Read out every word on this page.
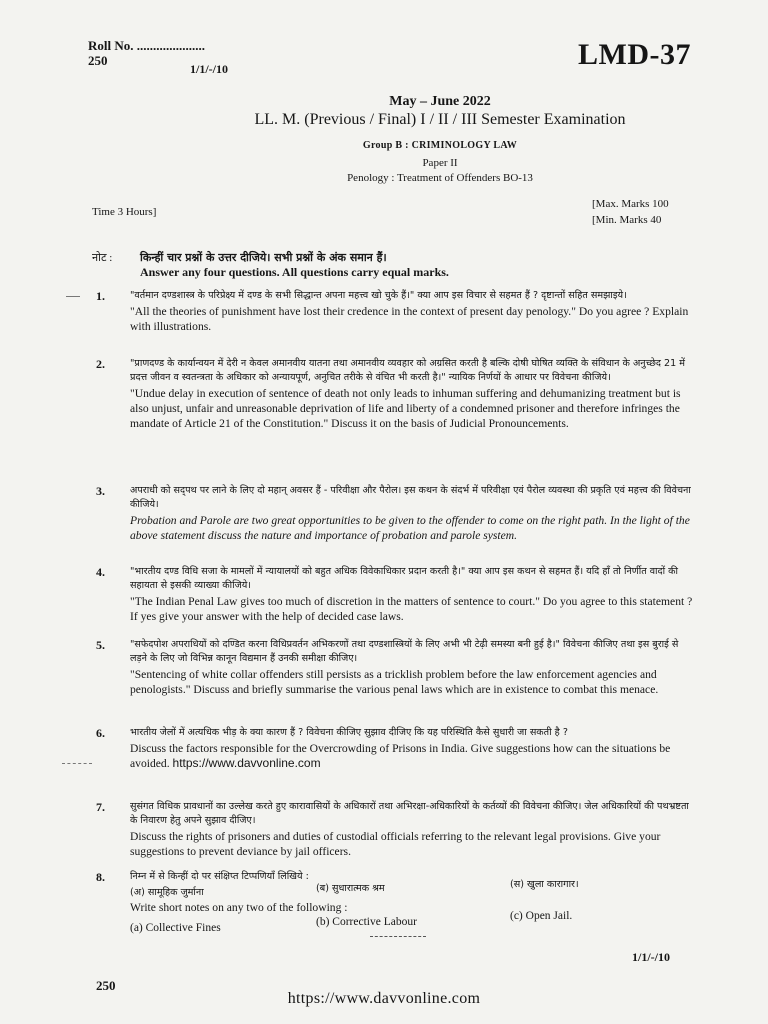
Roll No. .....................
250
1/1/-/10	LMD-37
May – June 2022
LL. M. (Previous / Final) I / II / III Semester Examination
Group B : CRIMINOLOGY LAW
Paper II
Penology : Treatment of Offenders BO-13
Time 3 Hours]
[Max. Marks 100
[Min. Marks 40
नोट :	किन्हीं चार प्रश्नों के उत्तर दीजिये। सभी प्रश्नों के अंक समान हैं।
Answer any four questions. All questions carry equal marks.
1.	"वर्तमान दण्डशास्त्र के परिप्रेक्ष्य में दण्ड के सभी सिद्धान्त अपना महत्त्व खो चुके हैं।" क्या आप इस विचार से सहमत हैं ? दृष्टान्तों सहित समझाइये।
"All the theories of punishment have lost their credence in the context of present day penology." Do you agree ? Explain with illustrations.
2.	"प्राणदण्ड के कार्यान्वयन में देरी न केवल अमानवीय यातना तथा अमानवीय व्यवहार को अग्रसित करती है बल्कि दोषी घोषित व्यक्ति के संविधान के अनुच्छेद 21 में प्रदत्त जीवन व स्वतन्त्रता के अधिकार को अन्यायपूर्ण, अनुचित तरीके से वंचित भी करती है।" न्यायिक निर्णयों के आधार पर विवेचना कीजिये।
"Undue delay in execution of sentence of death not only leads to inhuman suffering and dehumanizing treatment but is also unjust, unfair and unreasonable deprivation of life and liberty of a condemned prisoner and therefore infringes the mandate of Article 21 of the Constitution." Discuss it on the basis of Judicial Pronouncements.
3.	अपराधी को सद्पथ पर लाने के लिए दो महान् अवसर हैं - परिवीक्षा और पैरोल। इस कथन के संदर्भ में परिवीक्षा एवं पैरोल व्यवस्था की प्रकृति एवं महत्त्व की विवेचना कीजिये।
Probation and Parole are two great opportunities to be given to the offender to come on the right path. In the light of the above statement discuss the nature and importance of probation and parole system.
4.	"भारतीय दण्ड विधि सजा के मामलों में न्यायालयों को बहुत अधिक विवेकाधिकार प्रदान करती है।" क्या आप इस कथन से सहमत हैं। यदि हाँ तो निर्णीत वादों की सहायता से इसकी व्याख्या कीजिये।
"The Indian Penal Law gives too much of discretion in the matters of sentence to court." Do you agree to this statement ? If yes give your answer with the help of decided case laws.
5.	"सफेदपोश अपराधियों को दण्डित करना विधिप्रवर्तन अभिकरणों तथा दण्डशास्त्रियों के लिए अभी भी टेढ़ी समस्या बनी हुई है।" विवेचना कीजिए तथा इस बुराई से लड़ने के लिए जो विभिन्न कानून विद्यमान हैं उनकी समीक्षा कीजिए।
"Sentencing of white collar offenders still persists as a tricklish problem before the law enforcement agencies and penologists." Discuss and briefly summarise the various penal laws which are in existence to combat this menace.
6.	भारतीय जेलों में अत्यधिक भीड़ के क्या कारण हैं ? विवेचना कीजिए सुझाव दीजिए कि यह परिस्थिति कैसे सुधारी जा सकती है ?
Discuss the factors responsible for the Overcrowding of Prisons in India. Give suggestions how can the situations be avoided. https://www.davvonline.com
7.	सुसंगत विधिक प्रावधानों का उल्लेख करते हुए कारावासियों के अधिकारों तथा अभिरक्षा-अधिकारियों के कर्तव्यों की विवेचना कीजिए। जेल अधिकारियों की पथभ्रष्टता के निवारण हेतु अपने सुझाव दीजिए।
Discuss the rights of prisoners and duties of custodial officials referring to the relevant legal provisions. Give your suggestions to prevent deviance by jail officers.
8.	निम्न में से किन्हीं दो पर संक्षिप्त टिप्पणियाँ लिखिये :
(अ) सामूहिक जुर्माना	(ब) सुधारात्मक श्रम	(स) खुला कारागार।
Write short notes on any two of the following :
(a) Collective Fines	(b) Corrective Labour	(c) Open Jail.
1/1/-/10
250
https://www.davvonline.com
